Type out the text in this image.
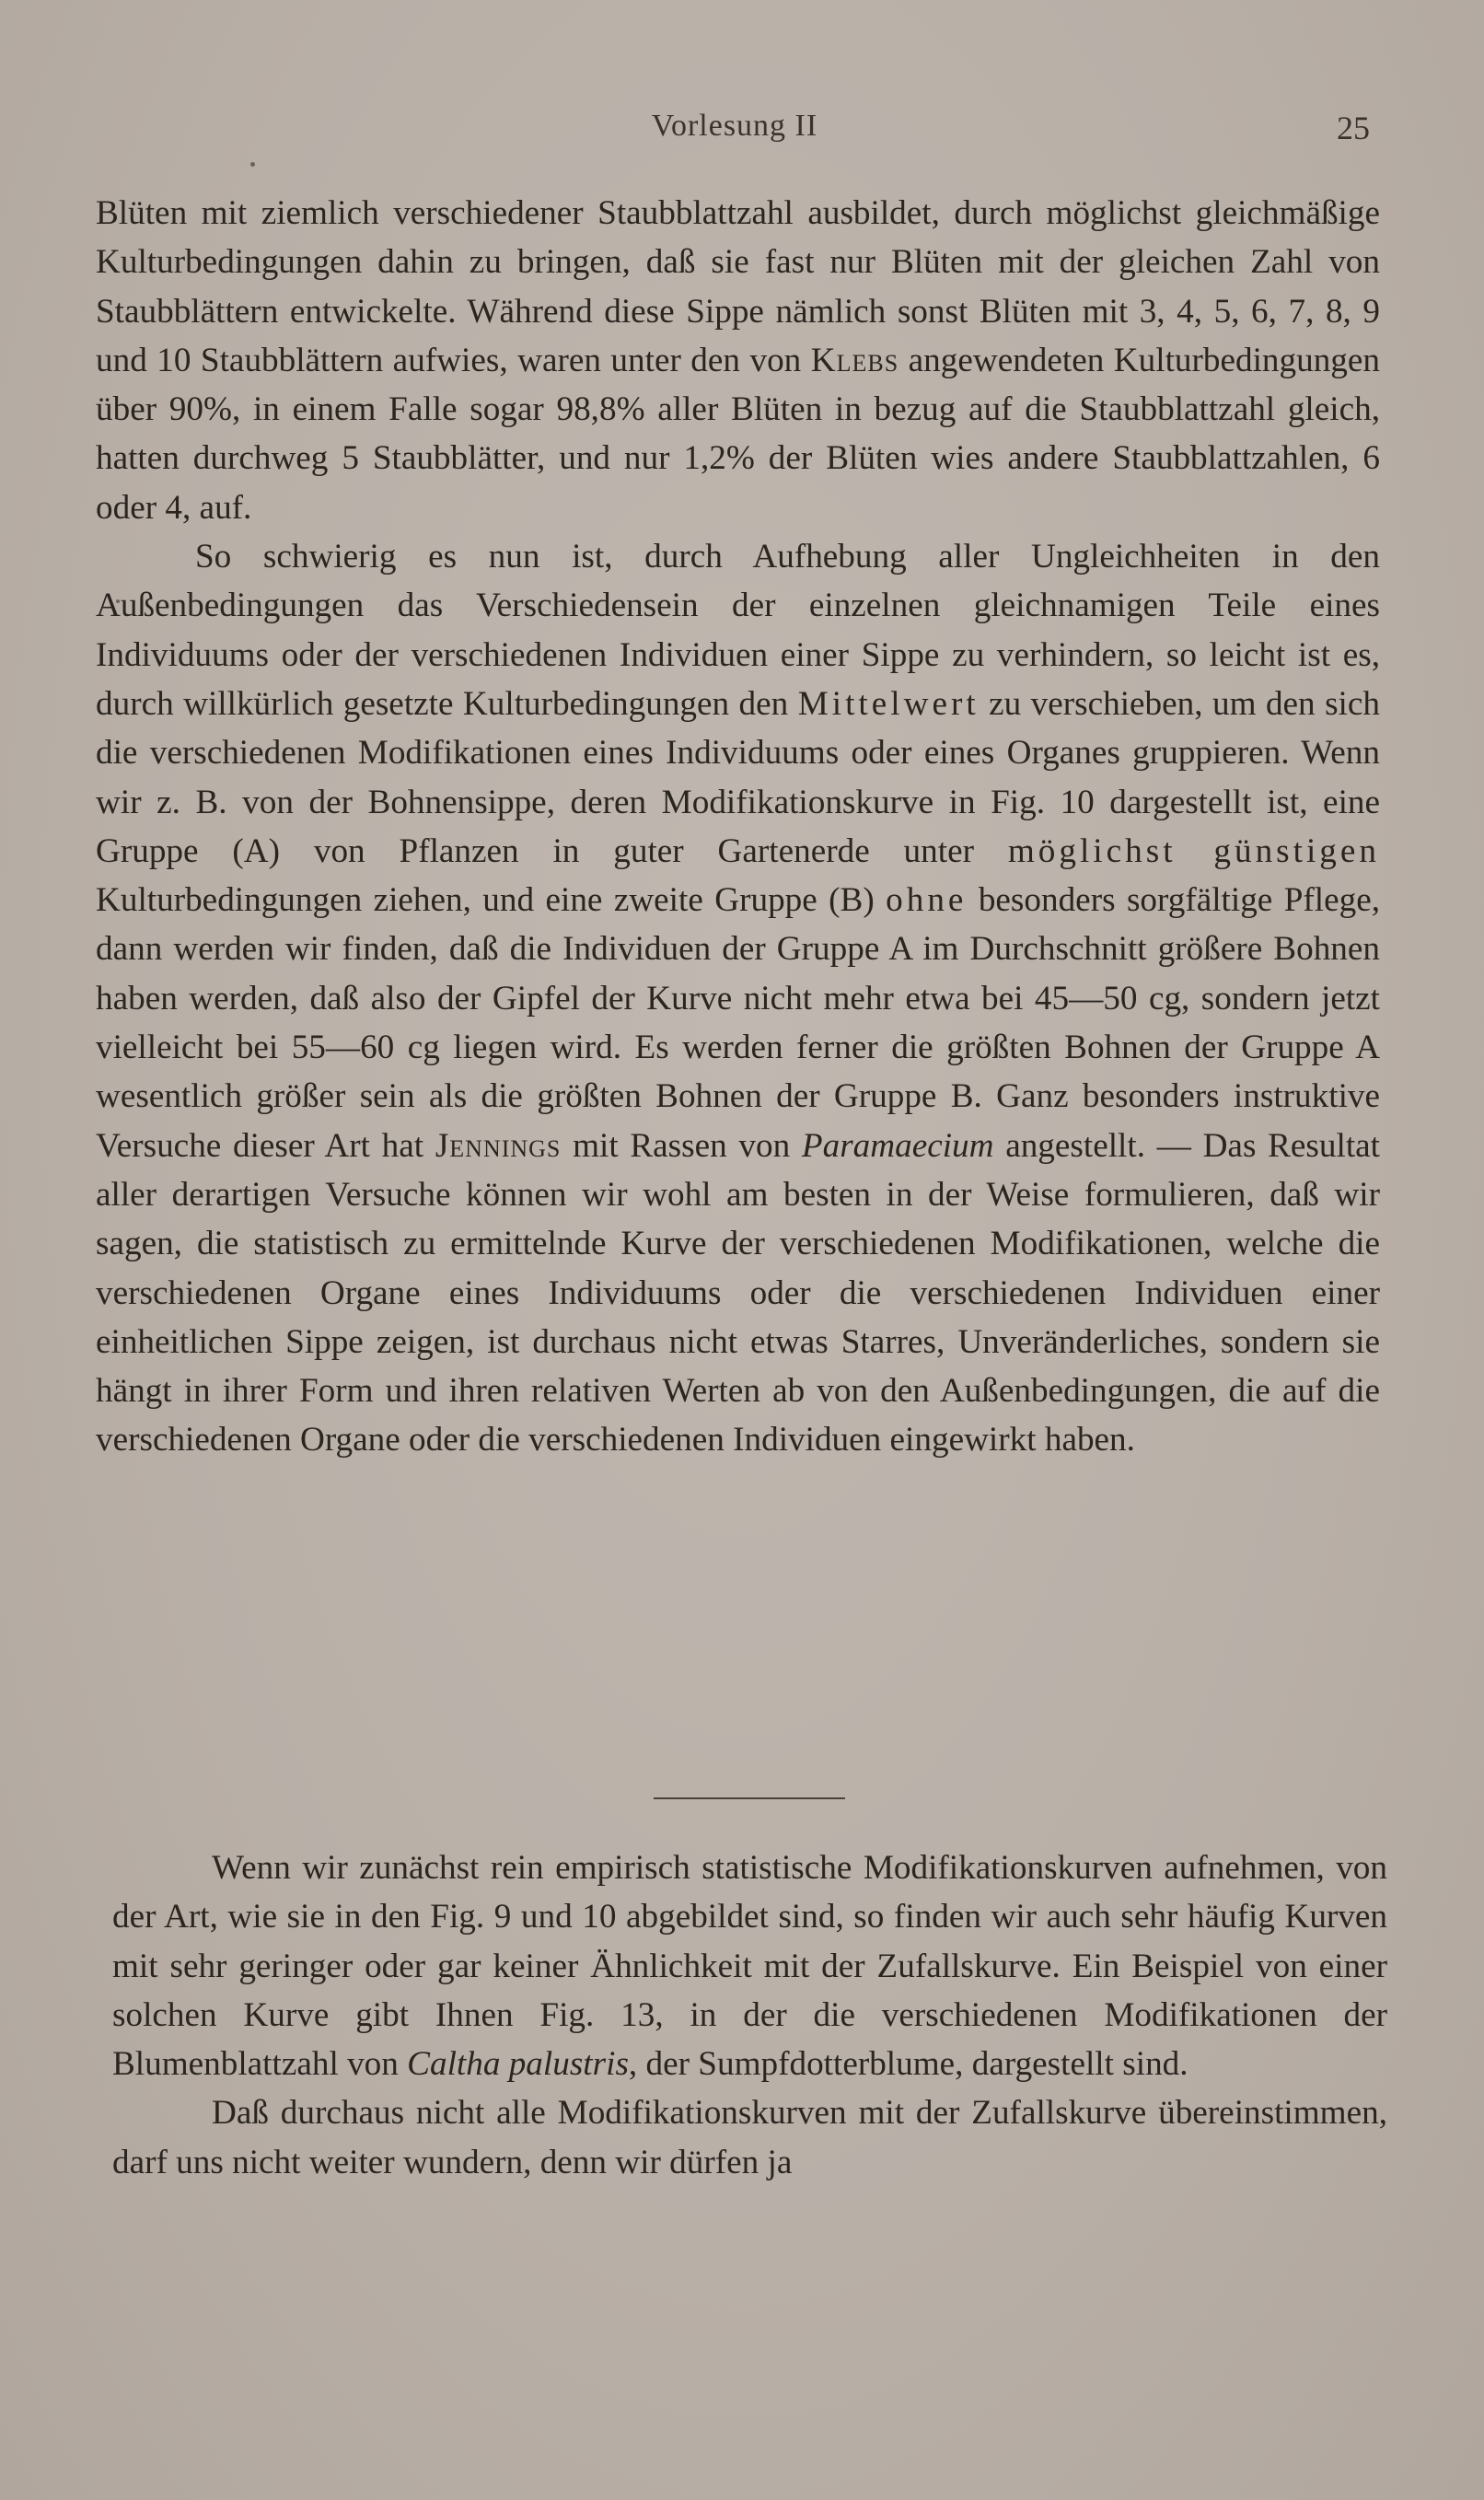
Vorlesung II	25

Blüten mit ziemlich verschiedener Staubblattzahl ausbildet, durch möglichst gleichmäßige Kulturbedingungen dahin zu bringen, daß sie fast nur Blüten mit der gleichen Zahl von Staubblättern entwickelte. Während diese Sippe nämlich sonst Blüten mit 3, 4, 5, 6, 7, 8, 9 und 10 Staubblättern aufwies, waren unter den von Klebs angewendeten Kulturbedingungen über 90%, in einem Falle sogar 98,8% aller Blüten in bezug auf die Staubblattzahl gleich, hatten durchweg 5 Staubblätter, und nur 1,2% der Blüten wies andere Staubblattzahlen, 6 oder 4, auf.

So schwierig es nun ist, durch Aufhebung aller Ungleichheiten in den Außenbedingungen das Verschiedensein der einzelnen gleichnamigen Teile eines Individuums oder der verschiedenen Individuen einer Sippe zu verhindern, so leicht ist es, durch willkürlich gesetzte Kulturbedingungen den Mittelwert zu verschieben, um den sich die verschiedenen Modifikationen eines Individuums oder eines Organes gruppieren. Wenn wir z. B. von der Bohnensippe, deren Modifikationskurve in Fig. 10 dargestellt ist, eine Gruppe (A) von Pflanzen in guter Gartenerde unter möglichst günstigen Kulturbedingungen ziehen, und eine zweite Gruppe (B) ohne besonders sorgfältige Pflege, dann werden wir finden, daß die Individuen der Gruppe A im Durchschnitt größere Bohnen haben werden, daß also der Gipfel der Kurve nicht mehr etwa bei 45—50 cg, sondern jetzt vielleicht bei 55—60 cg liegen wird. Es werden ferner die größten Bohnen der Gruppe A wesentlich größer sein als die größten Bohnen der Gruppe B. Ganz besonders instruktive Versuche dieser Art hat Jennings mit Rassen von Paramaecium angestellt. — Das Resultat aller derartigen Versuche können wir wohl am besten in der Weise formulieren, daß wir sagen, die statistisch zu ermittelnde Kurve der verschiedenen Modifikationen, welche die verschiedenen Organe eines Individuums oder die verschiedenen Individuen einer einheitlichen Sippe zeigen, ist durchaus nicht etwas Starres, Unveränderliches, sondern sie hängt in ihrer Form und ihren relativen Werten ab von den Außenbedingungen, die auf die verschiedenen Organe oder die verschiedenen Individuen eingewirkt haben.

Wenn wir zunächst rein empirisch statistische Modifikationskurven aufnehmen, von der Art, wie sie in den Fig. 9 und 10 abgebildet sind, so finden wir auch sehr häufig Kurven mit sehr geringer oder gar keiner Ähnlichkeit mit der Zufallskurve. Ein Beispiel von einer solchen Kurve gibt Ihnen Fig. 13, in der die verschiedenen Modifikationen der Blumenblattzahl von Caltha palustris, der Sumpfdotterblume, dargestellt sind.

Daß durchaus nicht alle Modifikationskurven mit der Zufallskurve übereinstimmen, darf uns nicht weiter wundern, denn wir dürfen ja
